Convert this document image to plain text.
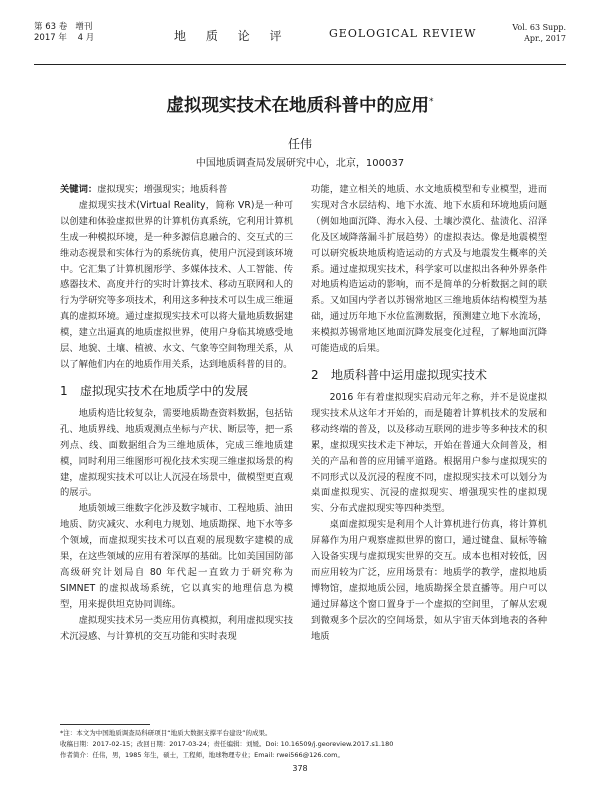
第 63 卷   增刊
2017 年    4 月	地 质 论 评	GEOLOGICAL REVIEW	Vol. 63 Supp.
Apr., 2017
虚拟现实技术在地质科普中的应用*
任伟
中国地质调查局发展研究中心，北京，100037

关键词：虚拟现实；增强现实；地质科普

虚拟现实技术(Virtual Reality，简称 VR)是一种可以创建和体验虚拟世界的计算机仿真系统，它利用计算机生成一种模拟环境，是一种多源信息融合的、交互式的三维动态视景和实体行为的系统仿真，使用户沉浸到该环境中。它汇集了计算机图形学、多媒体技术、人工智能、传感器技术、高度并行的实时计算技术、移动互联网和人的行为学研究等多项技术，利用这多种技术可以生成三维逼真的虚拟环境。通过虚拟现实技术可以将大量地质数据建模，建立出逼真的地质虚拟世界，使用户身临其境感受地层、地貌、土壤、植被、水文、气象等空间物理关系，从以了解他们内在的地质作用关系，达到地质科普的目的。

1 虚拟现实技术在地质学中的发展

地质构造比较复杂，需要地质勘查资料数据，包括钻孔、地质界线、地质观测点坐标与产状、断层等，把一系列点、线、面数据组合为三维地质体，完成三维地质建模，同时利用三维图形可视化技术实现三维虚拟场景的构建，虚拟现实技术可以让人沉浸在场景中，做模型更直观的展示。

地质领域三维数字化涉及数字城市、工程地质、油田地质、防灾减灾、水利电力规划、地质勘探、地下水等多个领域，而虚拟现实技术可以直观的展现数字建模的成果，在这些领域的应用有着深厚的基础。比如美国国防部高级研究计划局自 80 年代起一直致力于研究称为 SIMNET 的虚拟战场系统，它以真实的地理信息为模型，用来提供坦克协同训练。

虚拟现实技术另一类应用仿真模拟，利用虚拟现实技术沉浸感、与计算机的交互功能和实时表现

功能，建立相关的地质、水文地质模型和专业模型，进而实现对含水层结构、地下水流、地下水质和环境地质问题（例如地面沉降、海水入侵、土壤沙漠化、盐渍化、沼泽化及区域降落漏斗扩展趋势）的虚拟表达。像是地震模型可以研究板块地质构造运动的方式及与地震发生概率的关系。通过虚拟现实技术，科学家可以虚拟出各种外界条件对地质构造运动的影响，而不是简单的分析数据之间的联系。又如国内学者以苏锡常地区三维地质体结构模型为基础，通过历年地下水位监测数据，预测建立地下水流场，来模拟苏锡常地区地面沉降发展变化过程，了解地面沉降可能造成的后果。

2 地质科普中运用虚拟现实技术

2016 年有着虚拟现实启动元年之称，并不是说虚拟现实技术从这年才开始的，而是随着计算机技术的发展和移动终端的普及，以及移动互联网的进步等多种技术的积累，虚拟现实技术走下神坛，开始在普通大众间普及，相关的产品和普的应用铺平道路。根据用户参与虚拟现实的不同形式以及沉浸的程度不同，虚拟现实技术可以划分为桌面虚拟现实、沉浸的虚拟现实、增强现实性的虚拟现实、分布式虚拟现实等四种类型。

桌面虚拟现实是利用个人计算机进行仿真，将计算机屏幕作为用户观察虚拟世界的窗口，通过键盘、鼠标等输入设备实现与虚拟现实世界的交互。成本也相对较低，因而应用较为广泛，应用场景有：地质学的教学，虚拟地质博物馆，虚拟地质公园，地质勘探全景直播等。用户可以通过屏幕这个窗口置身于一个虚拟的空间里，了解从宏观到微观多个层次的空间场景，如从宇宙天体到地表的各种地质

*注：本文为中国地质调查局科研项目“地质大数据支撑平台建设”的成果。
收稿日期：2017-02-15；改回日期：2017-03-24；责任编辑：刘媛。Doi: 10.16509/j.georeview.2017.s1.180
作者简介：任伟，男，1985 年生，硕士，工程师，地球物理专业；Email: rwei566@126.com。
378
